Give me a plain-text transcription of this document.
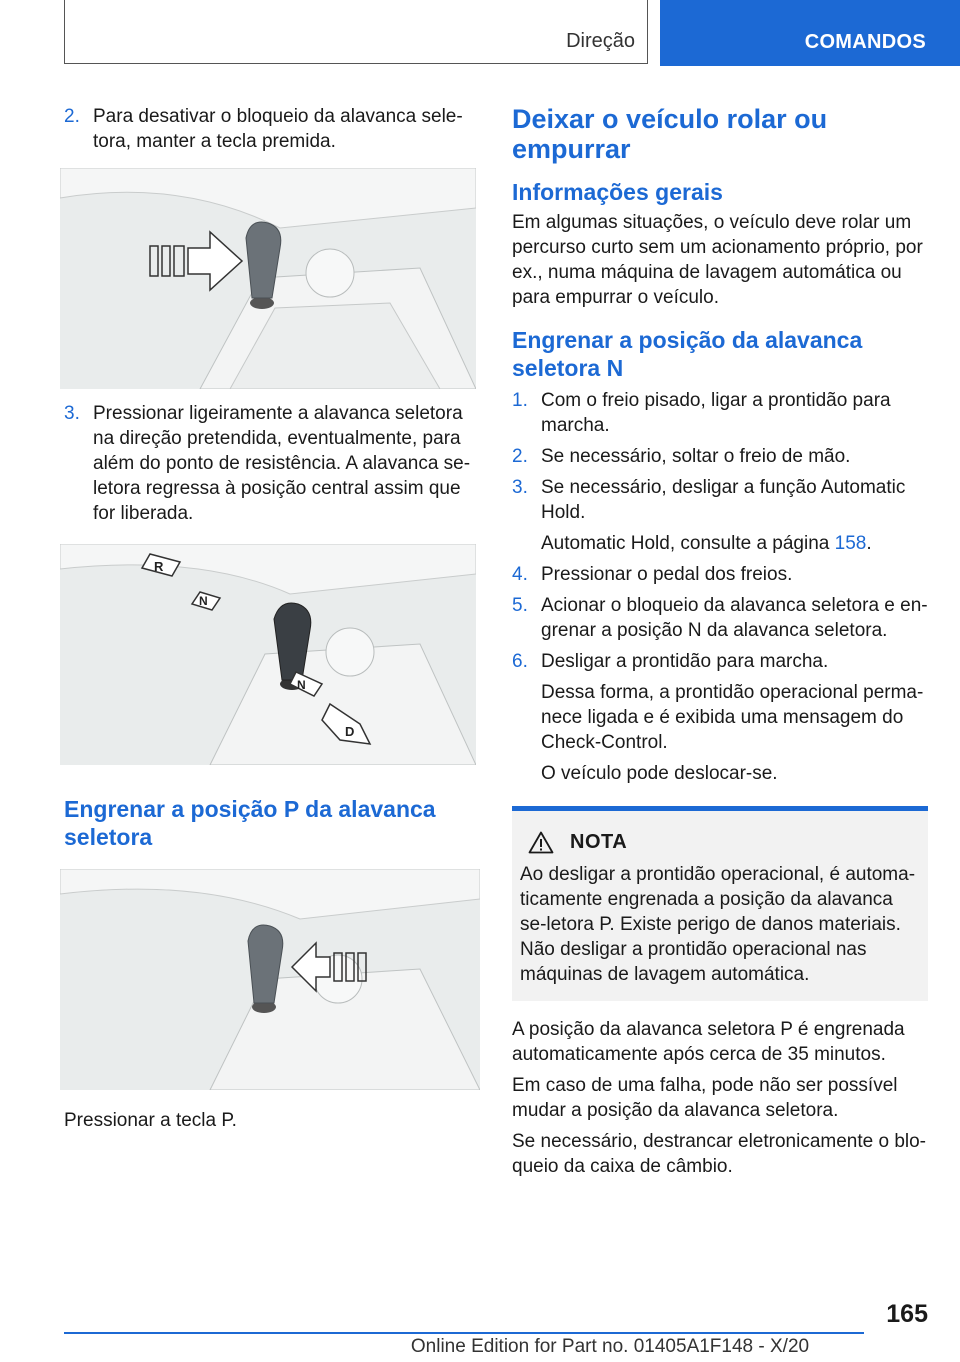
Direção	COMANDOS
2. Para desativar o bloqueio da alavanca sele-tora, manter a tecla premida.
3. Pressionar ligeiramente a alavanca seletora na direção pretendida, eventualmente, para além do ponto de resistência. A alavanca se-letora regressa à posição central assim que for liberada.
R
N
N
D
Engrenar a posição P da alavanca seletora

Pressionar a tecla P.

Deixar o veículo rolar ou empurrar
Informações gerais

Em algumas situações, o veículo deve rolar um percurso curto sem um acionamento próprio, por ex., numa máquina de lavagem automática ou para empurrar o veículo.

Engrenar a posição da alavanca seletora N
1. Com o freio pisado, ligar a prontidão para marcha.
2. Se necessário, soltar o freio de mão.
3. Se necessário, desligar a função Automatic Hold.

Automatic Hold, consulte a página 158.

4. Pressionar o pedal dos freios.
5. Acionar o bloqueio da alavanca seletora e en-grenar a posição N da alavanca seletora.
6. Desligar a prontidão para marcha.

Dessa forma, a prontidão operacional perma-nece ligada e é exibida uma mensagem do Check-Control.

O veículo pode deslocar-se.

NOTA
Ao desligar a prontidão operacional, é automa-ticamente engrenada a posição da alavanca se-letora P. Existe perigo de danos materiais. Não desligar a prontidão operacional nas máquinas de lavagem automática.

A posição da alavanca seletora P é engrenada automaticamente após cerca de 35 minutos.

Em caso de uma falha, pode não ser possível mudar a posição da alavanca seletora.

Se necessário, destrancar eletronicamente o blo-queio da caixa de câmbio.

165
Online Edition for Part no. 01405A1F148 - X/20
